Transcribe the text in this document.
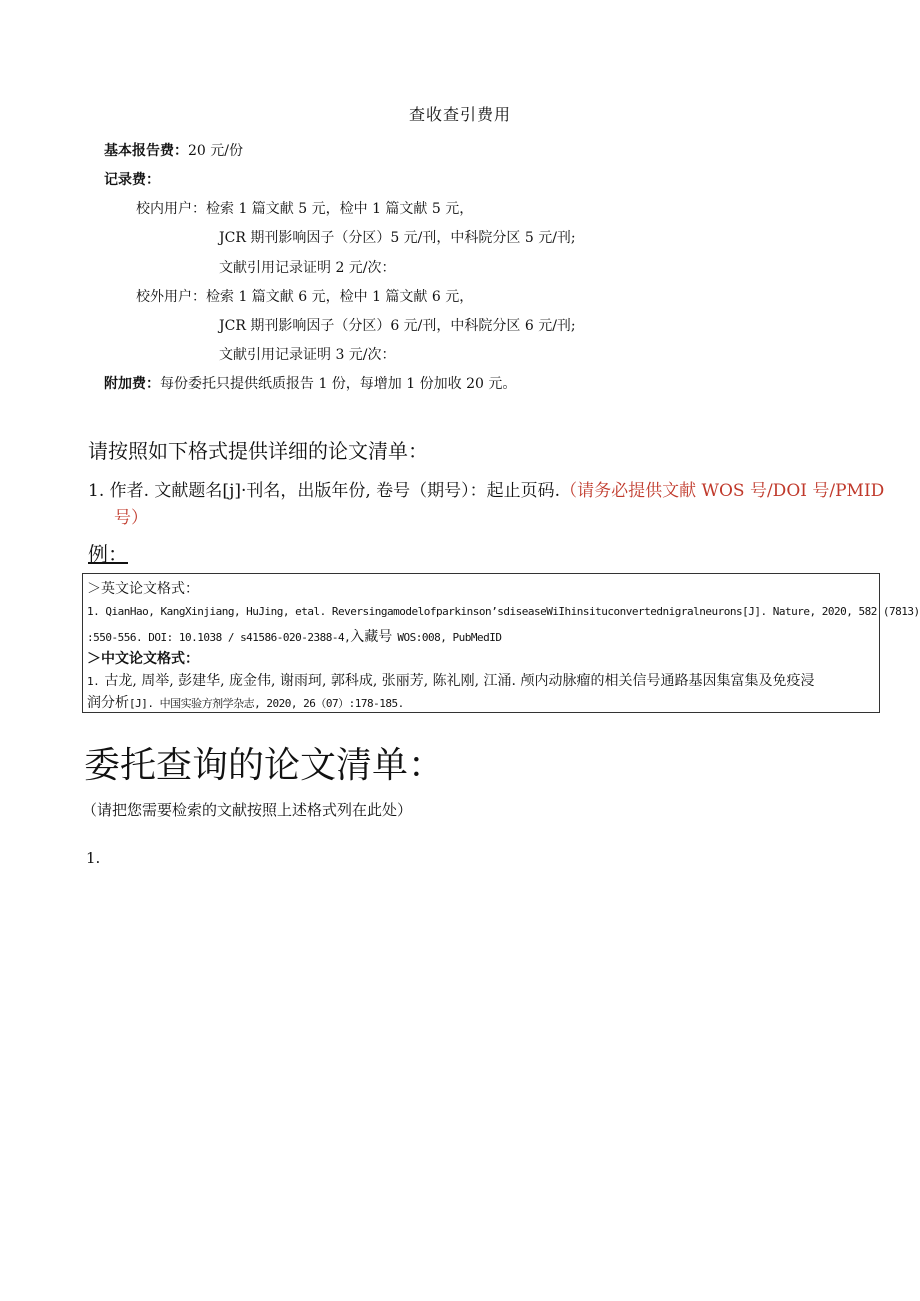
查收查引费用
基本报告费：20 元/份
记录费：
校内用户：检索 1 篇文献 5 元，检中 1 篇文献 5 元，
JCR 期刊影响因子（分区）5 元/刊，中科院分区 5 元/刊;
文献引用记录证明 2 元/次：
校外用户：检索 1 篇文献 6 元，检中 1 篇文献 6 元，
JCR 期刊影响因子（分区）6 元/刊，中科院分区 6 元/刊;
文献引用记录证明 3 元/次：
附加费：每份委托只提供纸质报告 1 份，每增加 1 份加收 20 元。
请按照如下格式提供详细的论文清单：
1. 作者. 文献题名[j]·刊名，出版年份, 卷号（期号）：起止页码.（请务必提供文献 WOS 号/DOI 号/PMID
号）
例：
＞英文论文格式：
1. QianHao, KangXinjiang, HuJing, etal. Reversingamodelofparkinson’sdiseaseWiIhinsituconvertednigralneurons[J]. Nature, 2020, 582 (7813)
:550-556. DOI: 10.1038 / s41586-020-2388-4,入藏号 WOS:008, PubMedID
＞中文论文格式：
1. 古龙, 周举, 彭建华, 庞金伟, 谢雨珂, 郭科成, 张丽芳, 陈礼刚, 江涌. 颅内动脉瘤的相关信号通路基因集富集及免疫浸
润分析[J]. 中国实验方剂学杂志, 2020, 26（07）:178-185.
委托查询的论文清单：
（请把您需要检索的文献按照上述格式列在此处）
1.
